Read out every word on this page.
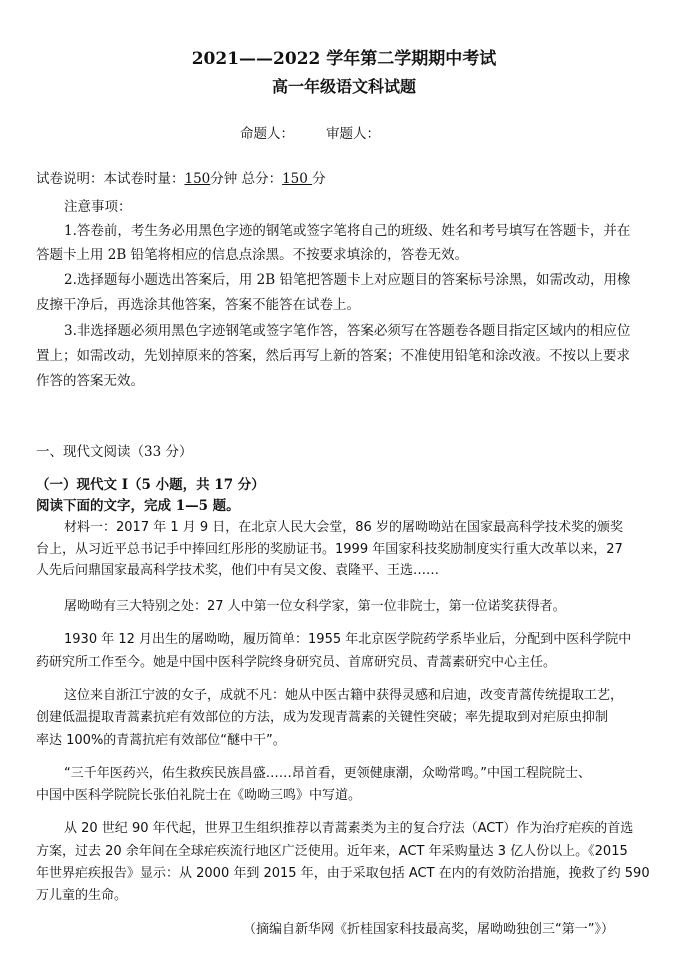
2021——2022 学年第二学期期中考试
高一年级语文科试题
命题人： 审题人：
试卷说明：本试卷时量：150分钟 总分：150 分
注意事项：
1.答卷前，考生务必用黑色字迹的钢笔或签字笔将自己的班级、姓名和考号填写在答题卡，并在
答题卡上用 2B 铅笔将相应的信息点涂黑。不按要求填涂的，答卷无效。
2.选择题每小题选出答案后，用 2B 铅笔把答题卡上对应题目的答案标号涂黑，如需改动，用橡
皮擦干净后，再选涂其他答案，答案不能答在试卷上。
3.非选择题必须用黑色字迹钢笔或签字笔作答，答案必须写在答题卷各题目指定区域内的相应位
置上；如需改动，先划掉原来的答案，然后再写上新的答案；不准使用铅笔和涂改液。不按以上要求
作答的答案无效。
一、现代文阅读（33 分）
（一）现代文 I（5 小题，共 17 分）
阅读下面的文字，完成 1—5 题。
材料一：2017 年 1 月 9 日，在北京人民大会堂，86 岁的屠呦呦站在国家最高科学技术奖的颁奖
台上，从习近平总书记手中捧回红彤彤的奖励证书。1999 年国家科技奖励制度实行重大改革以来，27
人先后问鼎国家最高科学技术奖，他们中有吴文俊、袁隆平、王选……
屠呦呦有三大特别之处：27 人中第一位女科学家，第一位非院士，第一位诺奖获得者。
1930 年 12 月出生的屠呦呦，履历简单：1955 年北京医学院药学系毕业后，分配到中医科学院中
药研究所工作至今。她是中国中医科学院终身研究员、首席研究员、青蒿素研究中心主任。
这位来自浙江宁波的女子，成就不凡：她从中医古籍中获得灵感和启迪，改变青蒿传统提取工艺，
创建低温提取青蒿素抗疟有效部位的方法，成为发现青蒿素的关键性突破；率先提取到对疟原虫抑制
率达 100%的青蒿抗疟有效部位“醚中干”。
“三千年医药兴，佑生救疾民族昌盛……昂首看，更领健康潮，众呦常鸣。”中国工程院院士、
中国中医科学院院长张伯礼院士在《呦呦三鸣》中写道。
从 20 世纪 90 年代起，世界卫生组织推荐以青蒿素类为主的复合疗法（ACT）作为治疗疟疾的首选
方案，过去 20 余年间在全球疟疾流行地区广泛使用。近年来，ACT 年采购量达 3 亿人份以上。《2015
年世界疟疾报告》显示：从 2000 年到 2015 年，由于采取包括 ACT 在内的有效防治措施，挽救了约 590
万儿童的生命。
（摘编自新华网《折桂国家科技最高奖，屠呦呦独创三“第一”》）
